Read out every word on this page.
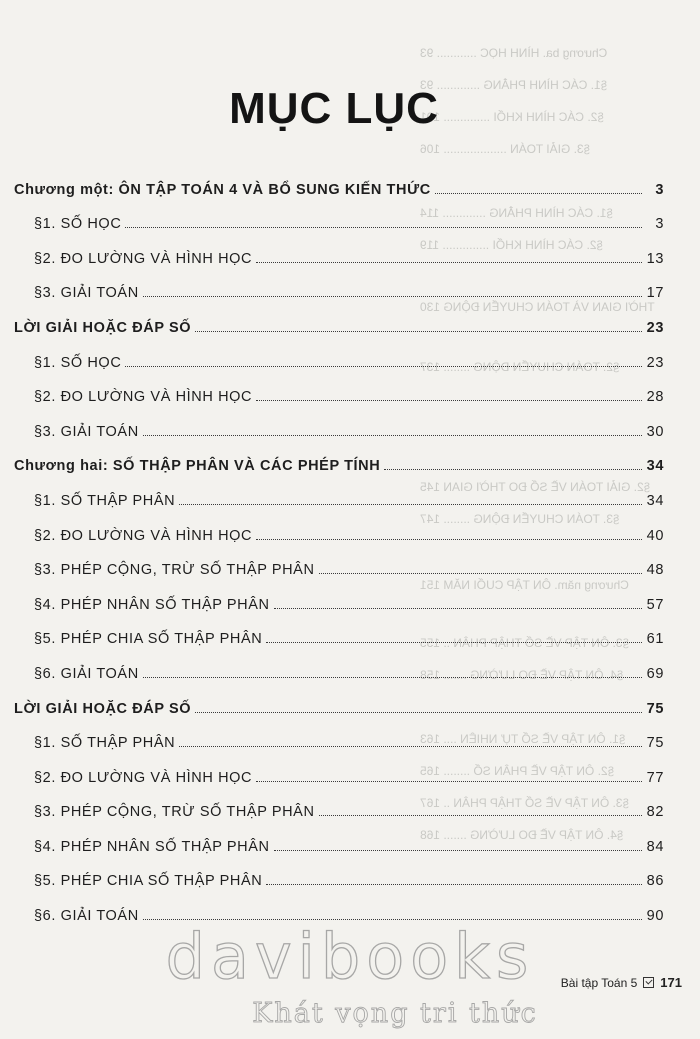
Chương ba. HÌNH HỌC ............ 93
§1. CÁC HÌNH PHẲNG ............. 93
§2. CÁC HÌNH KHỐI .............. 101
§3. GIẢI TOÁN ................... 106
§1. CÁC HÌNH PHẲNG ............. 114
§2. CÁC HÌNH KHỐI .............. 119
THỜI GIAN VÀ TOÁN CHUYỂN ĐỘNG 130
§2. TOÁN CHUYỂN ĐỘNG ........ 137
§2. GIẢI TOÁN VỀ SỐ ĐO THỜI GIAN 145
§3. TOÁN CHUYỂN ĐỘNG ........ 147
Chương năm. ÔN TẬP CUỐI NĂM 151
§3. ÔN TẬP VỀ SỐ THẬP PHÂN .. 155
§4. ÔN TẬP VỀ ĐO LƯỜNG ....... 158
§1. ÔN TẬP VỀ SỐ TỰ NHIÊN .... 163
§2. ÔN TẬP VỀ PHÂN SỐ ........ 165
§3. ÔN TẬP VỀ SỐ THẬP PHÂN .. 167
§4. ÔN TẬP VỀ ĐO LƯỜNG ....... 168
MỤC LỤC
Chương một: ÔN TẬP TOÁN 4 VÀ BỔ SUNG KIẾN THỨC	3
§1. SỐ HỌC	3
§2. ĐO LƯỜNG VÀ HÌNH HỌC	13
§3. GIẢI TOÁN	17
LỜI GIẢI HOẶC ĐÁP SỐ	23
§1. SỐ HỌC	23
§2. ĐO LƯỜNG VÀ HÌNH HỌC	28
§3. GIẢI TOÁN	30
Chương hai: SỐ THẬP PHÂN VÀ CÁC PHÉP TÍNH	34
§1. SỐ THẬP PHÂN	34
§2. ĐO LƯỜNG VÀ HÌNH HỌC	40
§3. PHÉP CỘNG, TRỪ SỐ THẬP PHÂN	48
§4. PHÉP NHÂN SỐ THẬP PHÂN	57
§5. PHÉP CHIA SỐ THẬP PHÂN	61
§6. GIẢI TOÁN	69
LỜI GIẢI HOẶC ĐÁP SỐ	75
§1. SỐ THẬP PHÂN	75
§2. ĐO LƯỜNG VÀ HÌNH HỌC	77
§3. PHÉP CỘNG, TRỪ SỐ THẬP PHÂN	82
§4. PHÉP NHÂN SỐ THẬP PHÂN	84
§5. PHÉP CHIA SỐ THẬP PHÂN	86
§6. GIẢI TOÁN	90
Bài tập Toán 5 171
davibooks
Khát vọng tri thức
